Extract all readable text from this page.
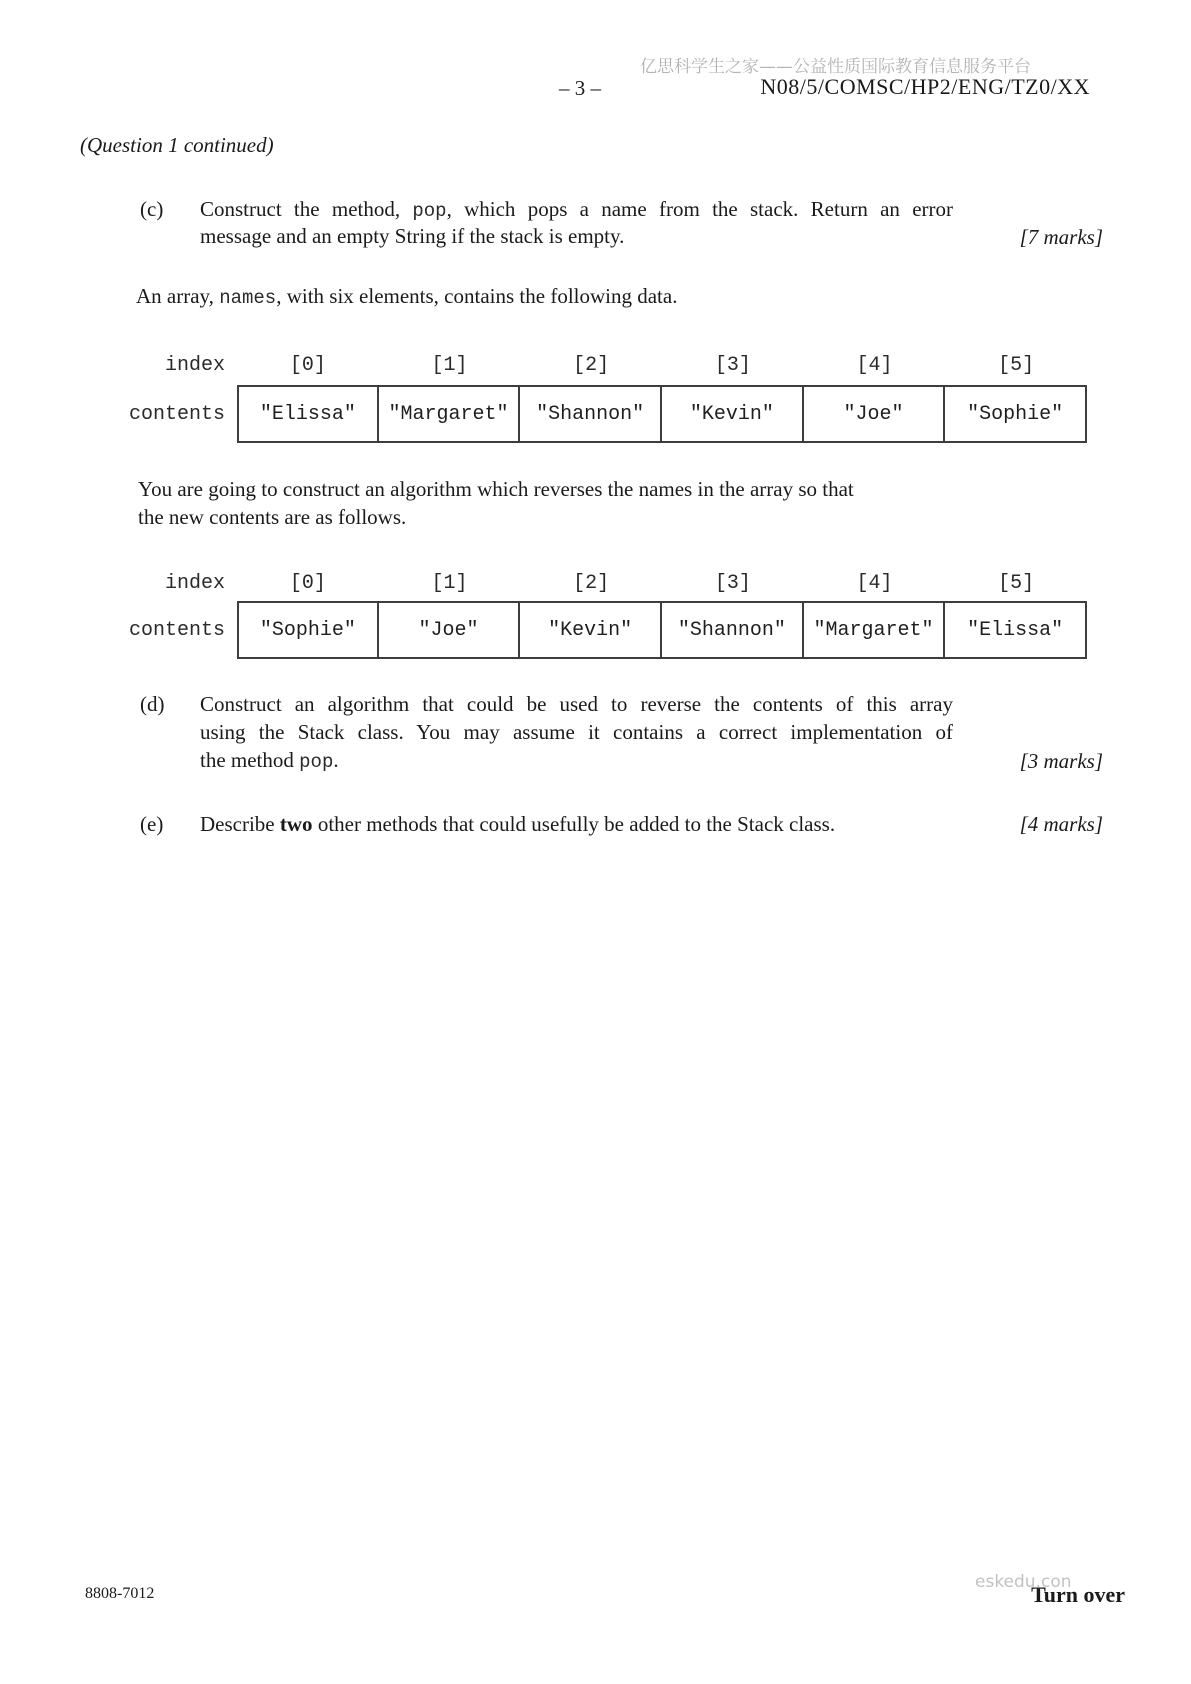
亿思科学生之家——公益性质国际教育信息服务平台
– 3 –	N08/5/COMSC/HP2/ENG/TZ0/XX
(Question 1 continued)
(c) Construct the method, pop, which pops a name from the stack. Return an error
message and an empty String if the stack is empty.	[7 marks]
An array, names, with six elements, contains the following data.
index	[0]	[1]	[2]	[3]	[4]	[5]
contents	"Elissa"	"Margaret"	"Shannon"	"Kevin"	"Joe"	"Sophie"
You are going to construct an algorithm which reverses the names in the array so that
the new contents are as follows.
index	[0]	[1]	[2]	[3]	[4]	[5]
contents	"Sophie"	"Joe"	"Kevin"	"Shannon"	"Margaret"	"Elissa"
(d) Construct an algorithm that could be used to reverse the contents of this array
using the Stack class. You may assume it contains a correct implementation of
the method pop.	[3 marks]
(e) Describe two other methods that could usefully be added to the Stack class.	[4 marks]
8808-7012
eskedu.con
Turn over
